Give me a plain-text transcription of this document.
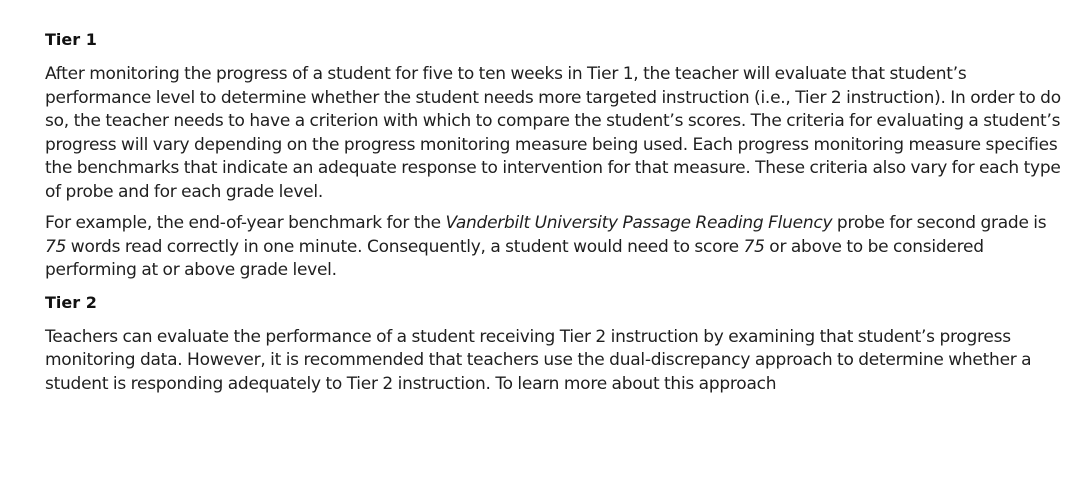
Tier 1

After monitoring the progress of a student for five to ten weeks in Tier 1, the teacher will evaluate that student’s performance level to determine whether the student needs more targeted instruction (i.e., Tier 2 instruction). In order to do so, the teacher needs to have a criterion with which to compare the student’s scores. The criteria for evaluating a student’s progress will vary depending on the progress monitoring measure being used. Each progress monitoring measure specifies the benchmarks that indicate an adequate response to intervention for that measure. These criteria also vary for each type of probe and for each grade level.

For example, the end-of-year benchmark for the Vanderbilt University Passage Reading Fluency probe for second grade is 75 words read correctly in one minute. Consequently, a student would need to score 75 or above to be considered performing at or above grade level.

Tier 2

Teachers can evaluate the performance of a student receiving Tier 2 instruction by examining that student’s progress monitoring data. However, it is recommended that teachers use the dual-discrepancy approach to determine whether a student is responding adequately to Tier 2 instruction. To learn more about this approach
